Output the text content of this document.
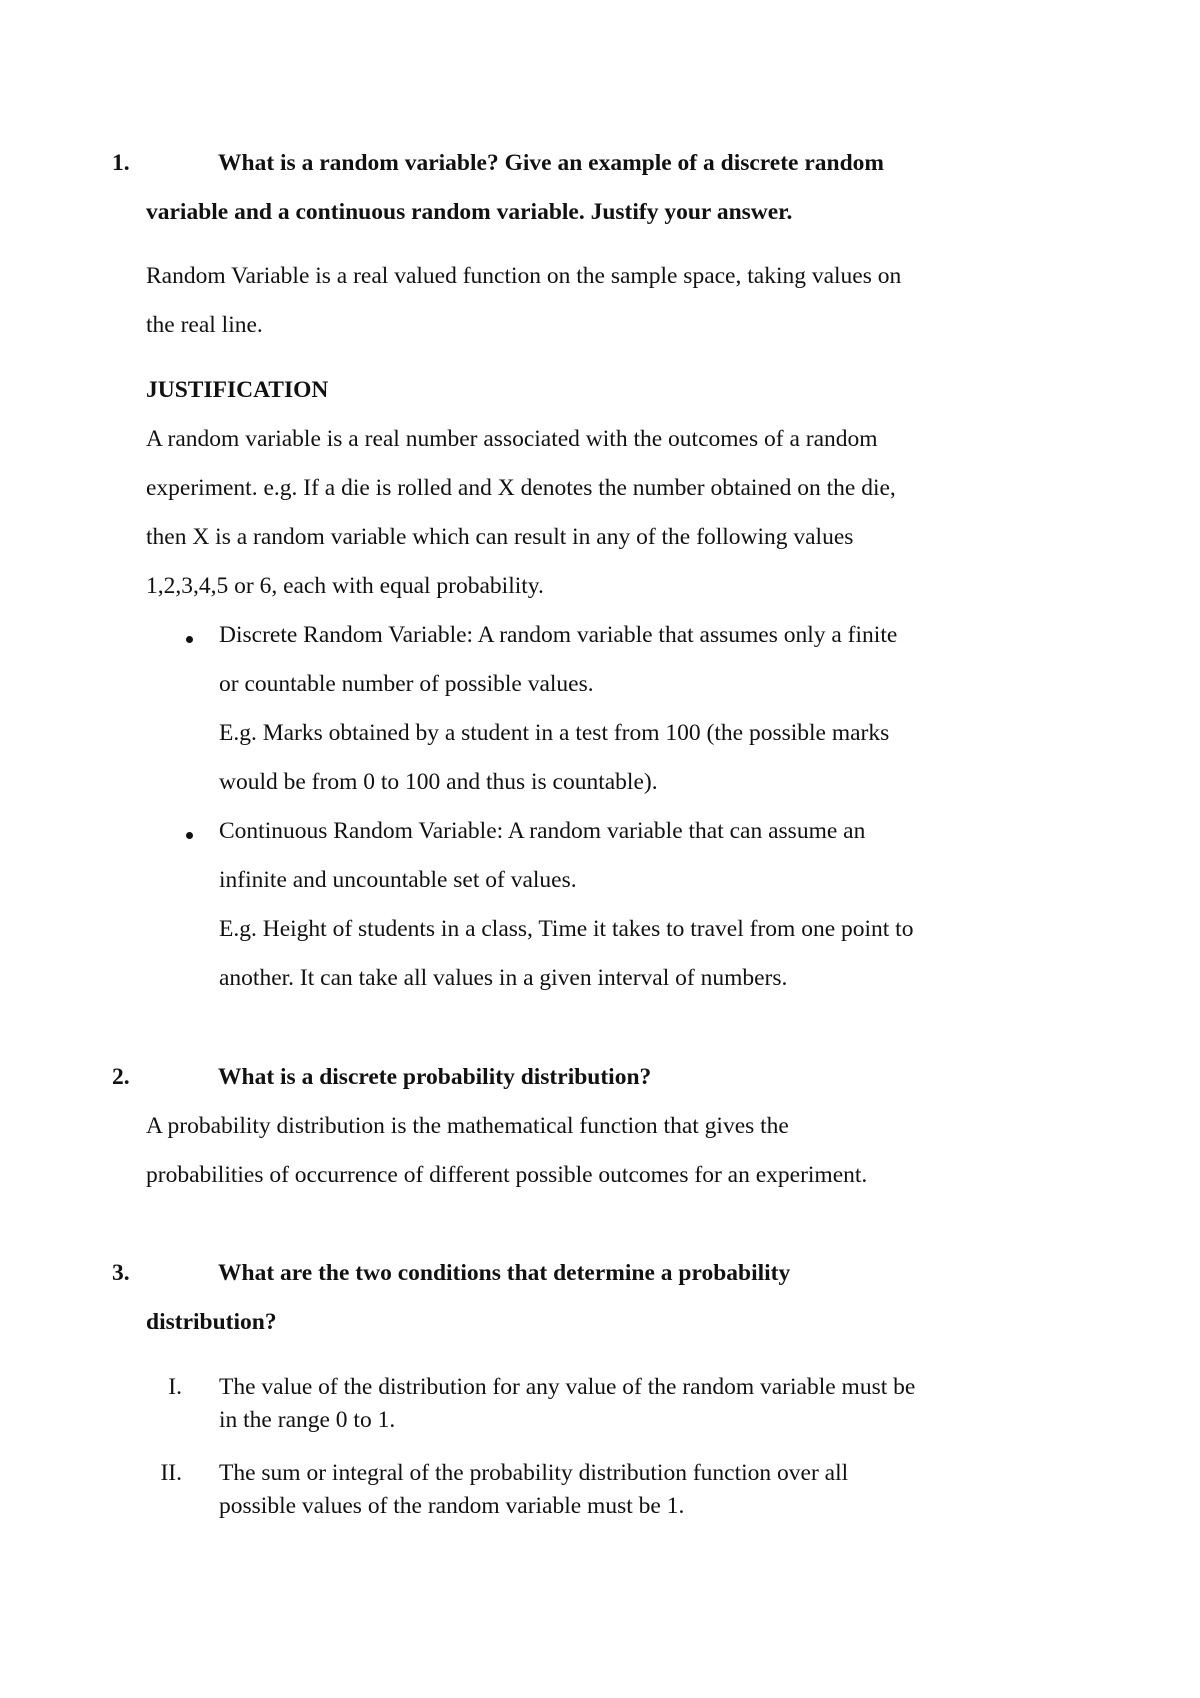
1.	What is a random variable? Give an example of a discrete random
variable and a continuous random variable. Justify your answer.
Random Variable is a real valued function on the sample space, taking values on
the real line.
JUSTIFICATION
A random variable is a real number associated with the outcomes of a random
experiment. e.g. If a die is rolled and X denotes the number obtained on the die,
then X is a random variable which can result in any of the following values
1,2,3,4,5 or 6, each with equal probability.
Discrete Random Variable: A random variable that assumes only a finite
or countable number of possible values.
E.g. Marks obtained by a student in a test from 100 (the possible marks
would be from 0 to 100 and thus is countable).
Continuous Random Variable: A random variable that can assume an
infinite and uncountable set of values.
E.g. Height of students in a class, Time it takes to travel from one point to
another. It can take all values in a given interval of numbers.
2.	What is a discrete probability distribution?
A probability distribution is the mathematical function that gives the
probabilities of occurrence of different possible outcomes for an experiment.
3.	What are the two conditions that determine a probability
distribution?
I. The value of the distribution for any value of the random variable must be
in the range 0 to 1.
II. The sum or integral of the probability distribution function over all
possible values of the random variable must be 1.
